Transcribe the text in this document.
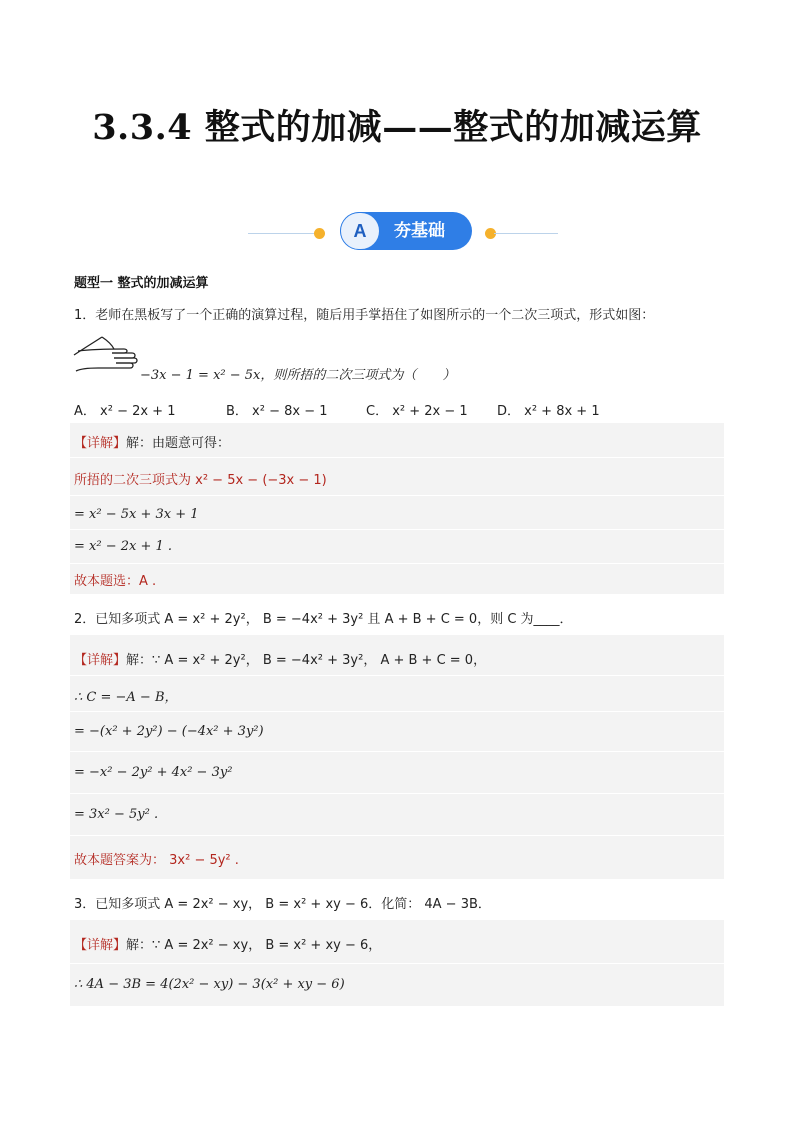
3.3.4 整式的加减——整式的加减运算
A	夯基础
题型一 整式的加减运算
1．老师在黑板写了一个正确的演算过程，随后用手掌捂住了如图所示的一个二次三项式，形式如图：
−3x − 1 = x² − 5x，则所捂的二次三项式为（　　）
A． x² − 2x + 1	B． x² − 8x − 1	C． x² + 2x − 1 D． x² + 8x + 1
【详解】解：由题意可得：
所捂的二次三项式为 x² − 5x − (−3x − 1)
= x² − 5x + 3x + 1
= x² − 2x + 1 .
故本题选：A .
2．已知多项式 A = x² + 2y²， B = −4x² + 3y² 且 A + B + C = 0，则 C 为____．
【详解】解：∵ A = x² + 2y²， B = −4x² + 3y²， A + B + C = 0，
∴ C = −A − B，
= −(x² + 2y²) − (−4x² + 3y²)
= −x² − 2y² + 4x² − 3y²
= 3x² − 5y² .
故本题答案为： 3x² − 5y² .
3．已知多项式 A = 2x² − xy， B = x² + xy − 6．化简： 4A − 3B．
【详解】解：∵ A = 2x² − xy， B = x² + xy − 6，
∴ 4A − 3B = 4(2x² − xy) − 3(x² + xy − 6)
